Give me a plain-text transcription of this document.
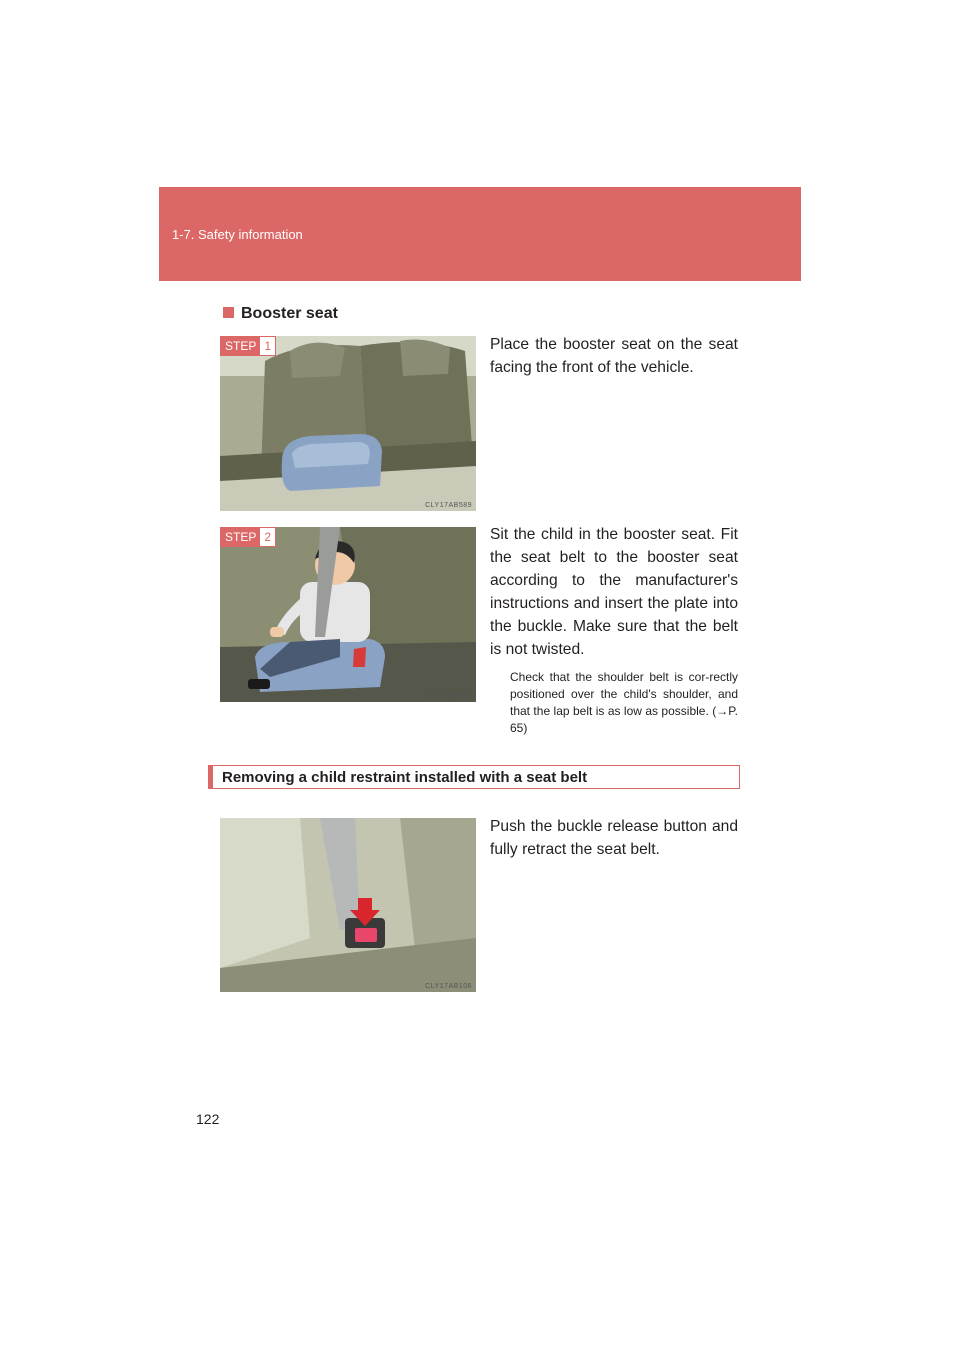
1-7. Safety information
Booster seat
STEP 1
CLY17AB589
Place the booster seat on the seat facing the front of the vehicle.
STEP 2
CLY17AB590
Sit the child in the booster seat. Fit the seat belt to the booster seat according to the manufacturer's instructions and insert the plate into the buckle. Make sure that the belt is not twisted.
Check that the shoulder belt is cor-rectly positioned over the child's shoulder, and that the lap belt is as low as possible. (→P. 65)
Removing a child restraint installed with a seat belt
CLY17AB106
Push the buckle release button and fully retract the seat belt.
122
